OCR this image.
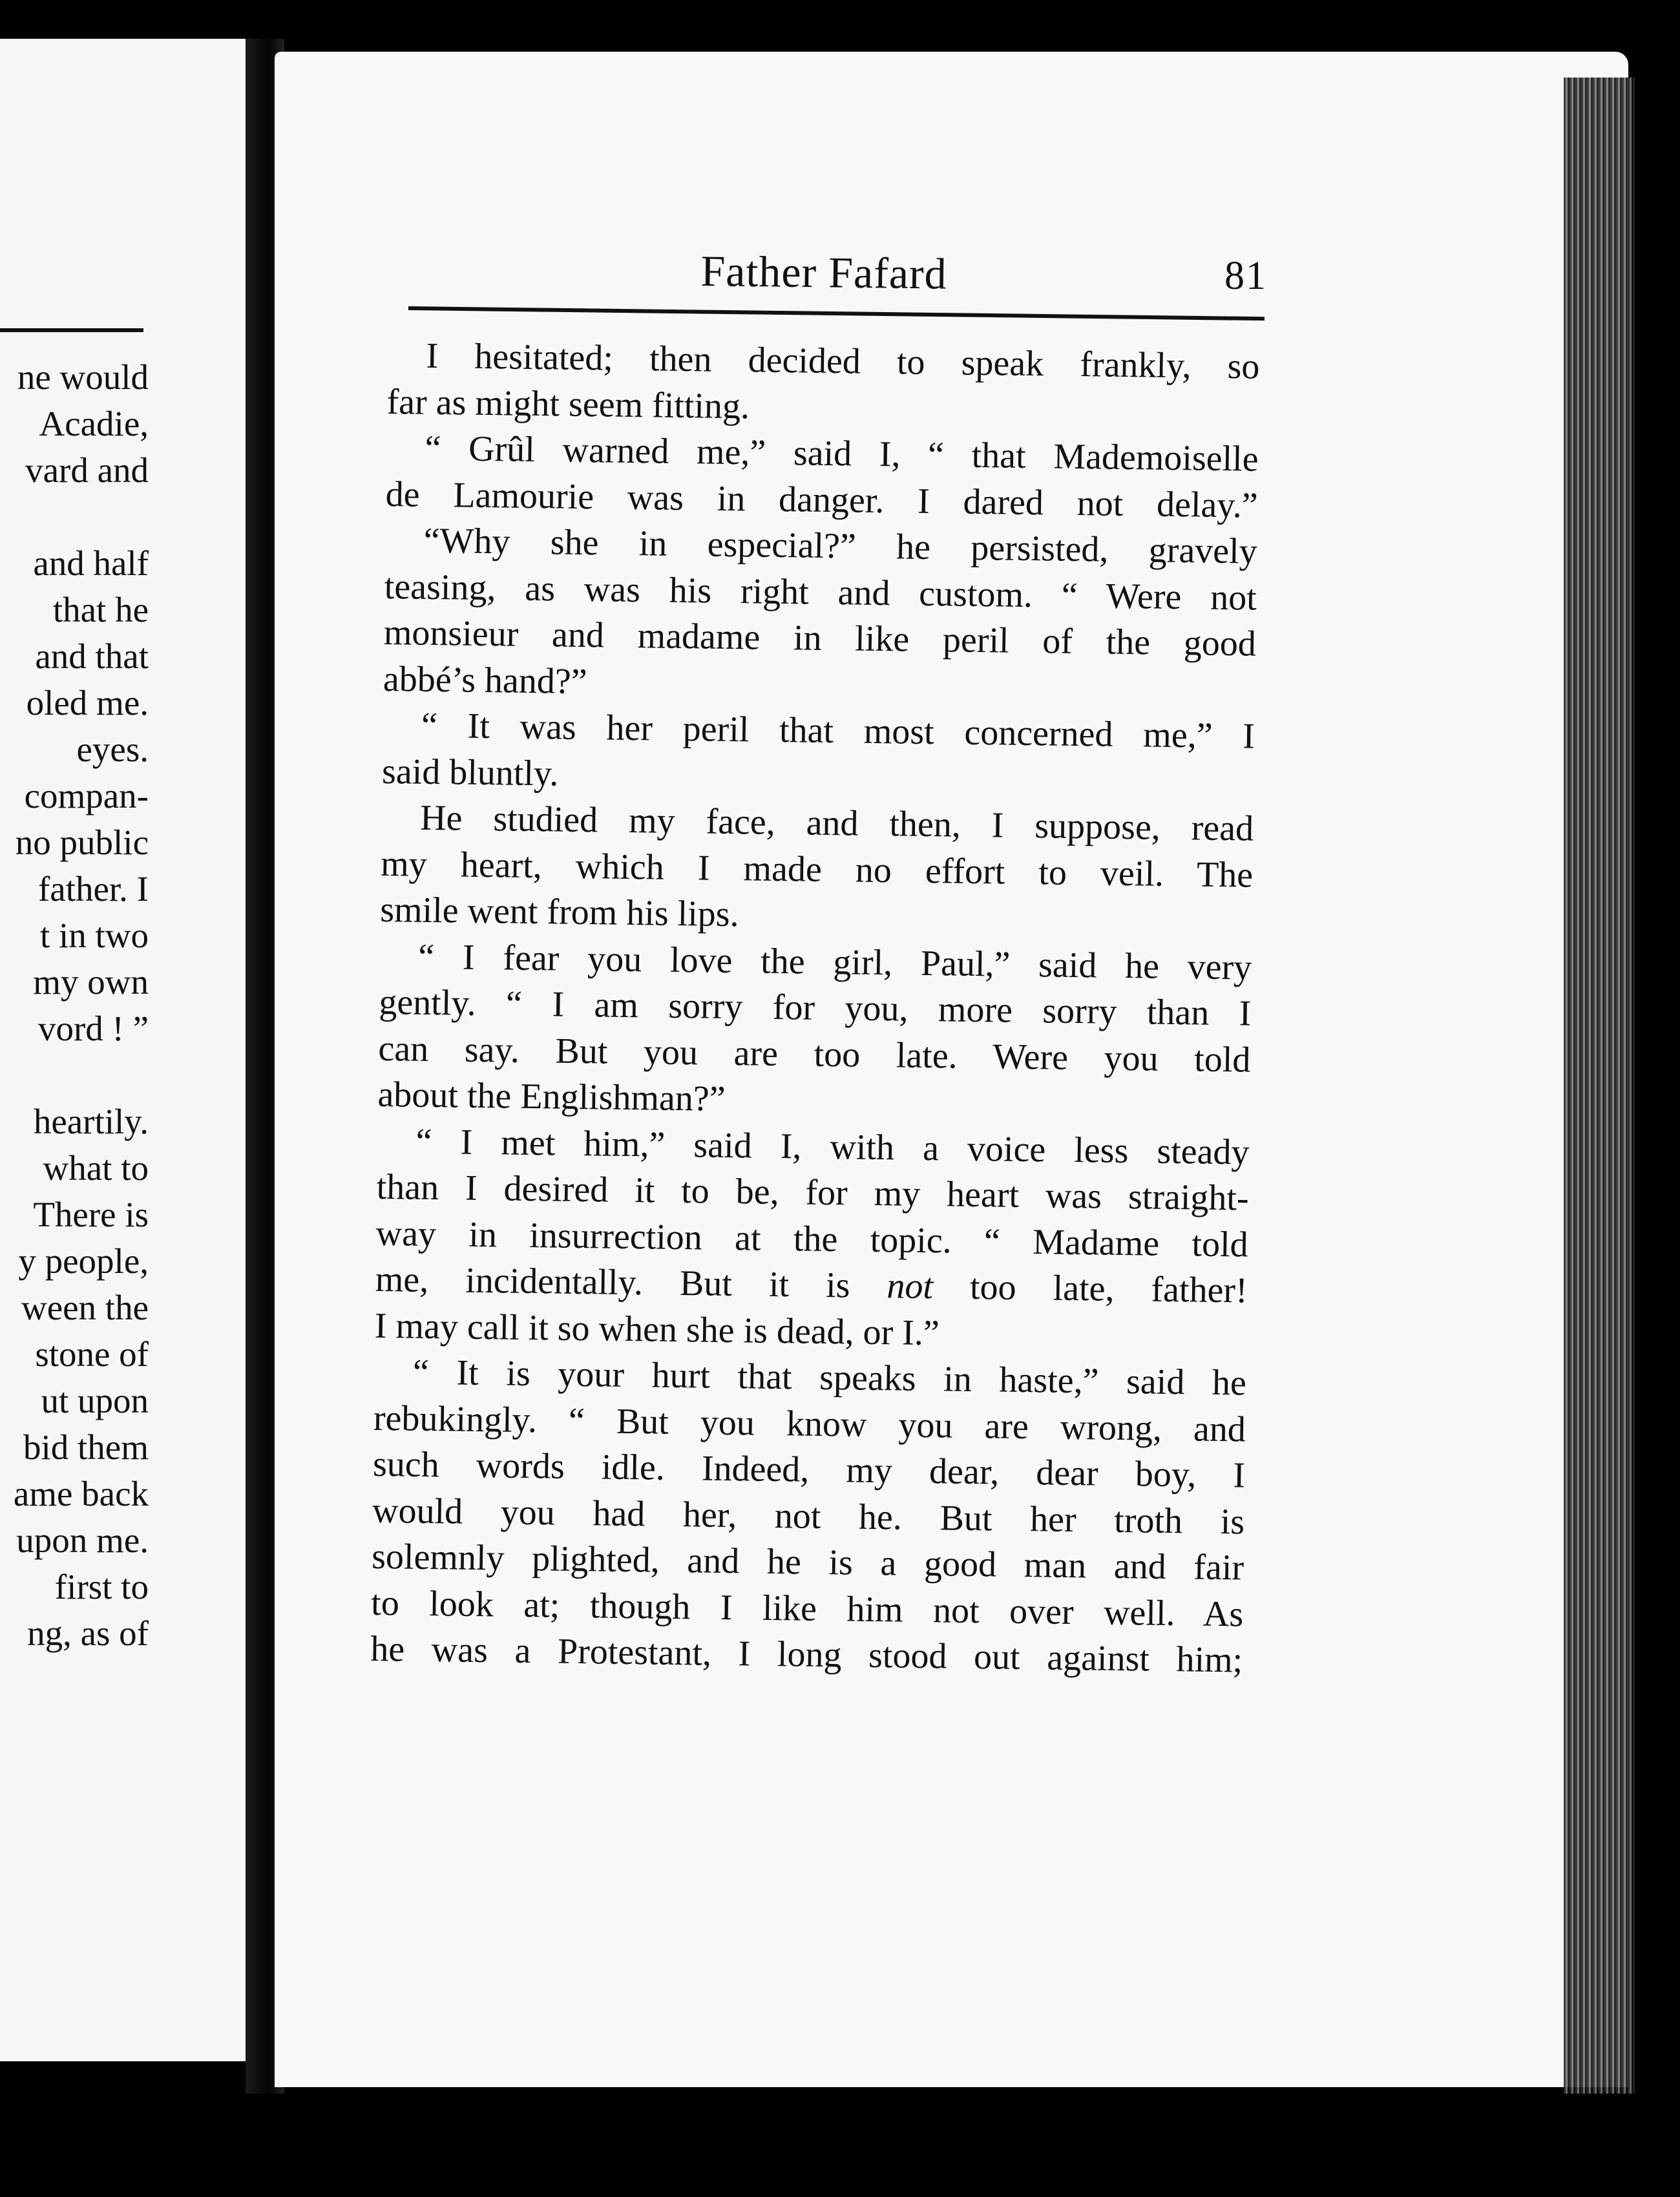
ne would
Acadie,
vard and
and half
that he
and that
oled me.
eyes.
compan-
no public
father. I
t in two
my own
vord ! ”
heartily.
what to
There is
y people,
ween the
stone of
ut upon
bid them
ame back
upon me.
first to
ng, as of
Father Fafard	81
I hesitated; then decided to speak frankly, so
far as might seem fitting.
“ Grûl warned me,” said I, “ that Mademoiselle
de Lamourie was in danger. I dared not delay.”
“Why she in especial?” he persisted, gravely
teasing, as was his right and custom. “ Were not
monsieur and madame in like peril of the good
abbé’s hand?”
“ It was her peril that most concerned me,” I
said bluntly.
He studied my face, and then, I suppose, read
my heart, which I made no effort to veil. The
smile went from his lips.
“ I fear you love the girl, Paul,” said he very
gently. “ I am sorry for you, more sorry than I
can say. But you are too late. Were you told
about the Englishman?”
“ I met him,” said I, with a voice less steady
than I desired it to be, for my heart was straight-
way in insurrection at the topic. “ Madame told
me, incidentally. But it is not too late, father!
I may call it so when she is dead, or I.”
“ It is your hurt that speaks in haste,” said he
rebukingly. “ But you know you are wrong, and
such words idle. Indeed, my dear, dear boy, I
would you had her, not he. But her troth is
solemnly plighted, and he is a good man and fair
to look at; though I like him not over well. As
he was a Protestant, I long stood out against him;
